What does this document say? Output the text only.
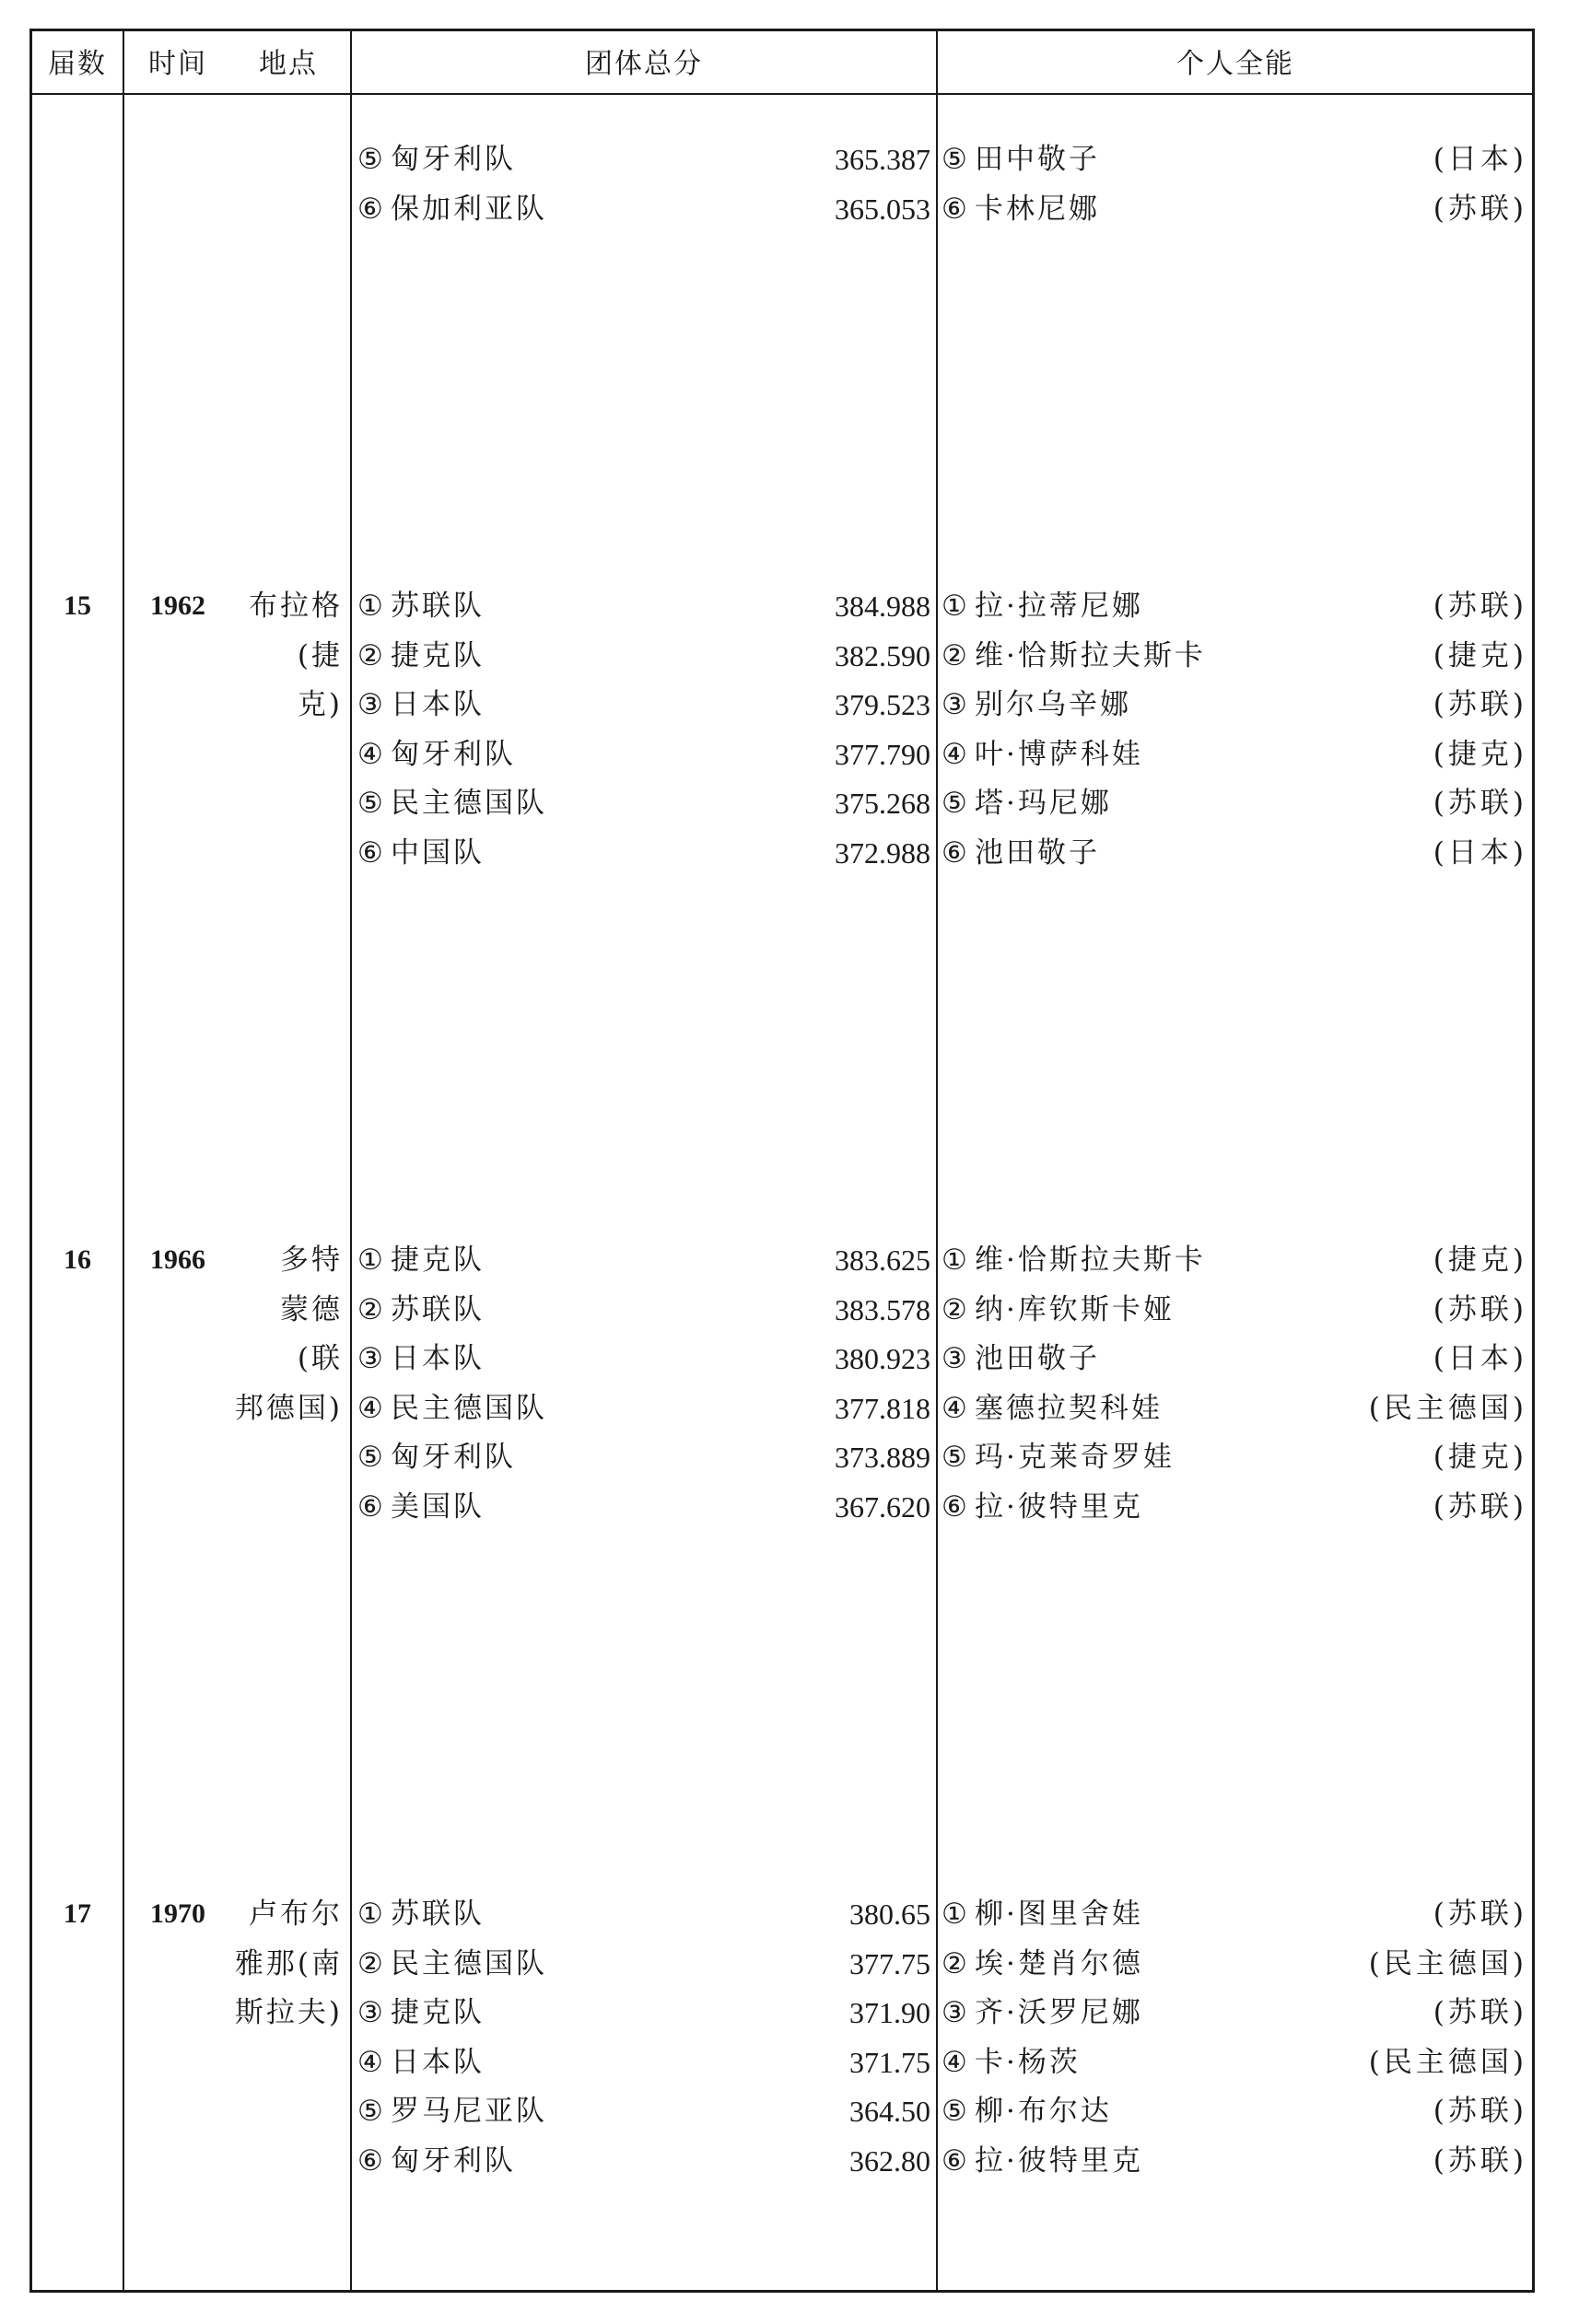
届数	时间	地点	团体总分	个人全能
⑤ 匈牙利队	365.387
⑥ 保加利亚队	365.053
⑤ 田中敬子	(日本)
⑥ 卡林尼娜	(苏联)
15	1962	布拉格
(捷
克)
① 苏联队	384.988
② 捷克队	382.590
③ 日本队	379.523
④ 匈牙利队	377.790
⑤ 民主德国队	375.268
⑥ 中国队	372.988
① 拉·拉蒂尼娜	(苏联)
② 维·恰斯拉夫斯卡	(捷克)
③ 别尔乌辛娜	(苏联)
④ 叶·博萨科娃	(捷克)
⑤ 塔·玛尼娜	(苏联)
⑥ 池田敬子	(日本)
16	1966	多特
蒙德
(联
邦德国)
① 捷克队	383.625
② 苏联队	383.578
③ 日本队	380.923
④ 民主德国队	377.818
⑤ 匈牙利队	373.889
⑥ 美国队	367.620
① 维·恰斯拉夫斯卡	(捷克)
② 纳·库钦斯卡娅	(苏联)
③ 池田敬子	(日本)
④ 塞德拉契科娃	(民主德国)
⑤ 玛·克莱奇罗娃	(捷克)
⑥ 拉·彼特里克	(苏联)
17	1970	卢布尔
雅那(南
斯拉夫)
① 苏联队	380.65
② 民主德国队	377.75
③ 捷克队	371.90
④ 日本队	371.75
⑤ 罗马尼亚队	364.50
⑥ 匈牙利队	362.80
① 柳·图里舍娃	(苏联)
② 埃·楚肖尔德	(民主德国)
③ 齐·沃罗尼娜	(苏联)
④ 卡·杨茨	(民主德国)
⑤ 柳·布尔达	(苏联)
⑥ 拉·彼特里克	(苏联)
